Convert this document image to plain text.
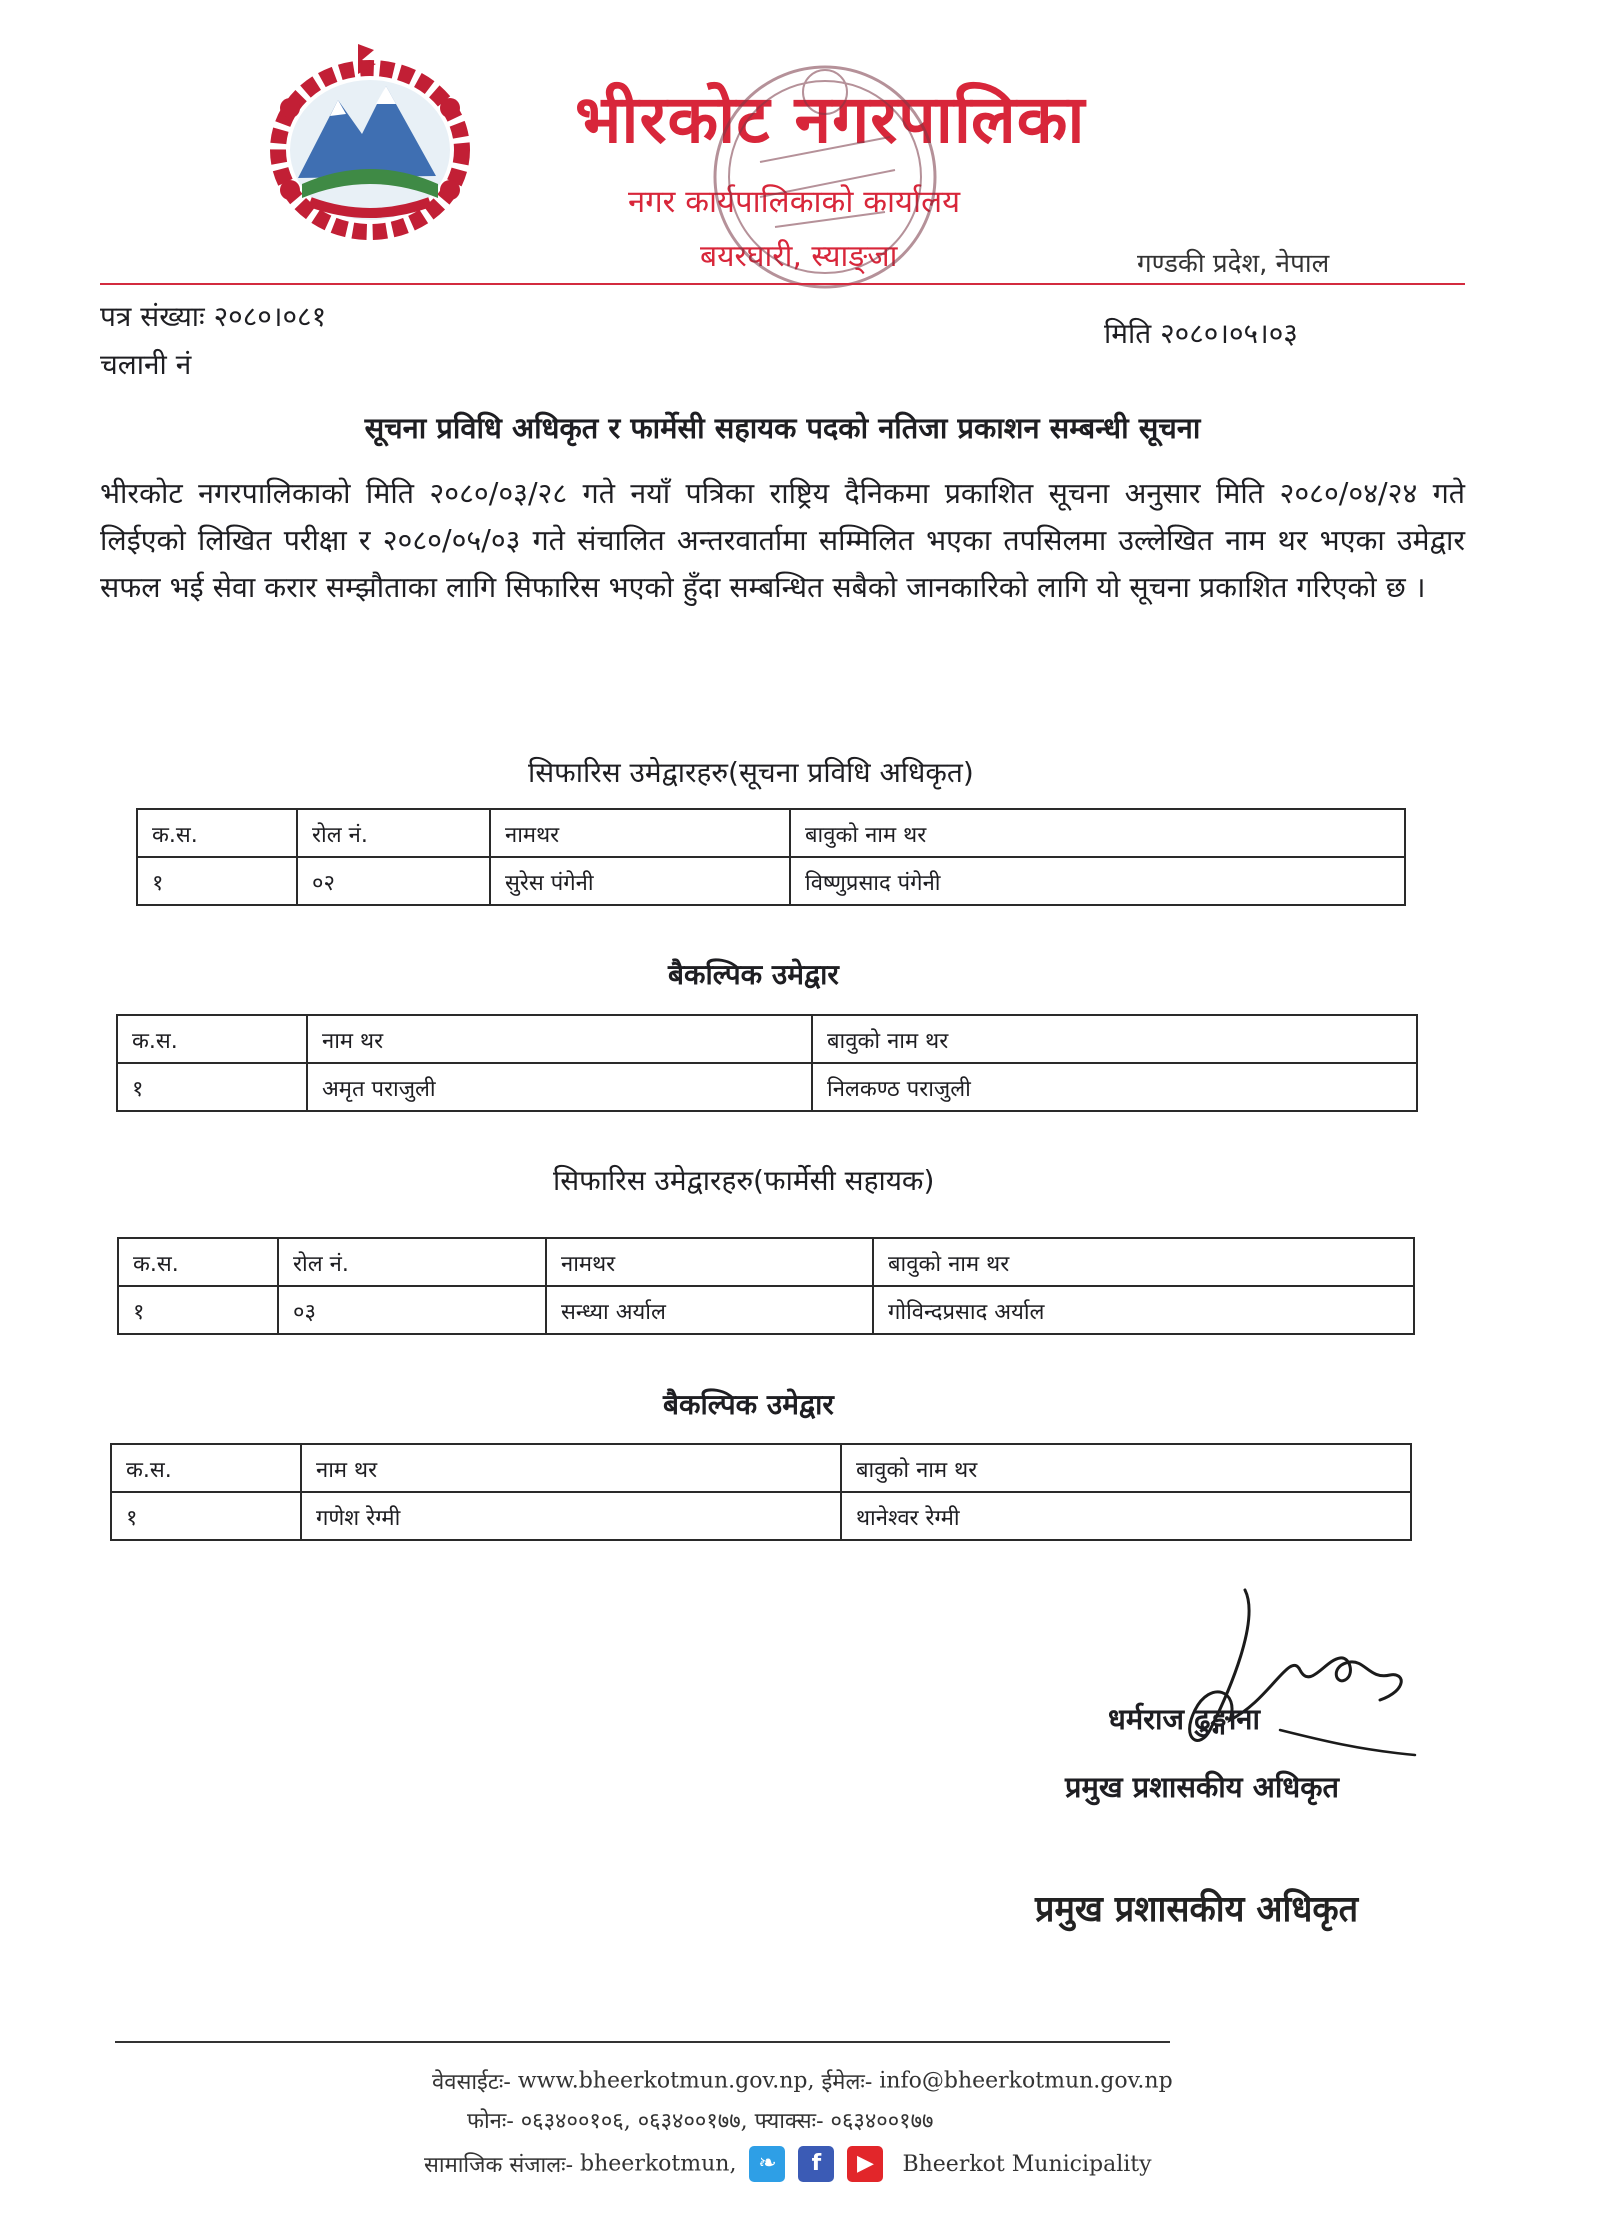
भीरकोट नगरपालिका
नगर कार्यपालिकाको कार्यालय
बयरघारी, स्याङ्जा	गण्डकी प्रदेश, नेपाल
पत्र संख्याः २०८०।०८१
चलानी नं
मिति २०८०।०५।०३
सूचना प्रविधि अधिकृत र फार्मेसी सहायक पदको नतिजा प्रकाशन सम्बन्धी सूचना
भीरकोट नगरपालिकाको मिति २०८०/०३/२८ गते नयाँ पत्रिका राष्ट्रिय दैनिकमा प्रकाशित सूचना अनुसार मिति २०८०/०४/२४ गते लिईएको लिखित परीक्षा र २०८०/०५/०३ गते संचालित अन्तरवार्तामा सम्मिलित भएका तपसिलमा उल्लेखित नाम थर भएका उमेद्वार सफल भई सेवा करार सम्झौताका लागि सिफारिस भएको हुँदा सम्बन्धित सबैको जानकारिको लागि यो सूचना प्रकाशित गरिएको छ ।
सिफारिस उमेद्वारहरु(सूचना प्रविधि अधिकृत)
क.स.	रोल नं.	नामथर	बावुको नाम थर
१	०२	सुरेस पंगेनी	विष्णुप्रसाद पंगेनी
बैकल्पिक उमेद्वार
क.स.	नाम थर	बावुको नाम थर
१	अमृत पराजुली	निलकण्ठ पराजुली
सिफारिस उमेद्वारहरु(फार्मेसी सहायक)
क.स.	रोल नं.	नामथर	बावुको नाम थर
१	०३	सन्ध्या अर्याल	गोविन्दप्रसाद अर्याल
बैकल्पिक उमेद्वार
क.स.	नाम थर	बावुको नाम थर
१	गणेश रेग्मी	थानेश्वर रेग्मी
धर्मराज ढुङ्गाना
प्रमुख प्रशासकीय अधिकृत
प्रमुख प्रशासकीय अधिकृत
वेवसाईटः- www.bheerkotmun.gov.np, ईमेलः- info@bheerkotmun.gov.np
फोनः- ०६३४००१०६, ०६३४००१७७, फ्याक्सः- ०६३४००१७७
सामाजिक संजालः- bheerkotmun, ❧ f ▶ Bheerkot Municipality
